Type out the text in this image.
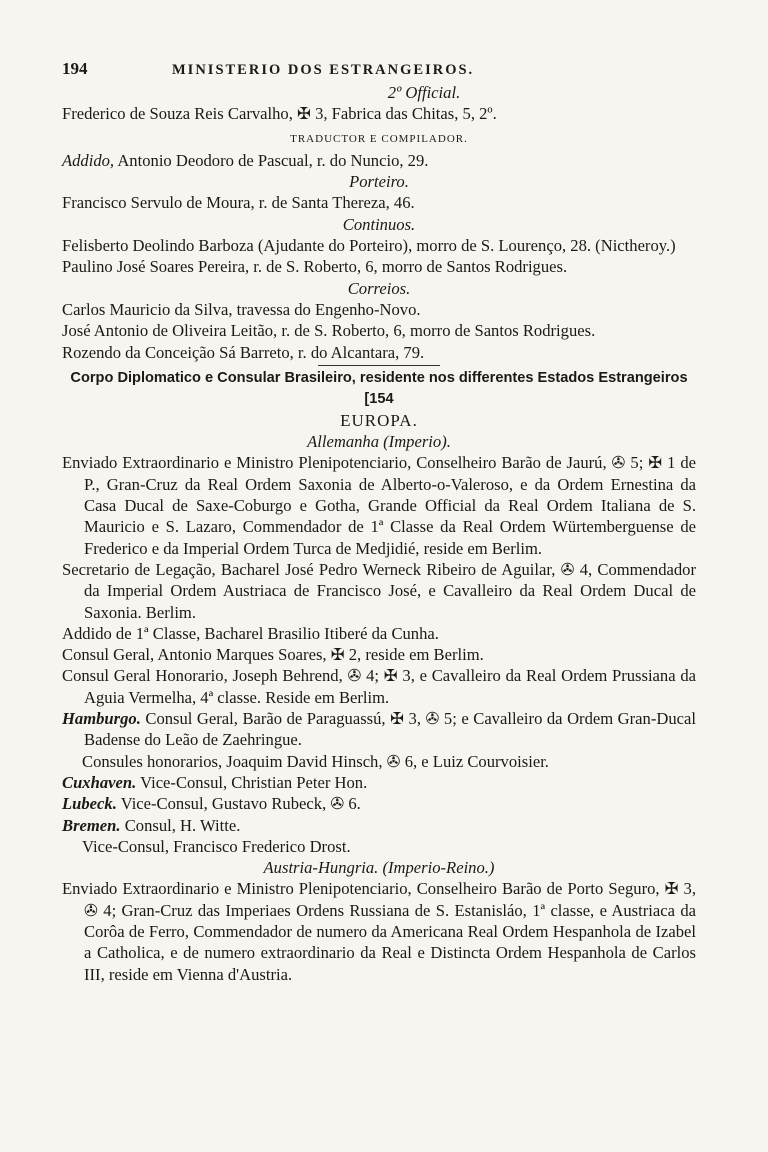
194	MINISTERIO DOS ESTRANGEIROS.
2º Official.
Frederico de Souza Reis Carvalho, ✠ 3, Fabrica das Chitas, 5, 2º.
TRADUCTOR E COMPILADOR.
Addido, Antonio Deodoro de Pascual, r. do Nuncio, 29.
Porteiro.
Francisco Servulo de Moura, r. de Santa Thereza, 46.
Continuos.
Felisberto Deolindo Barboza (Ajudante do Porteiro), morro de S. Lourenço, 28. (Nictheroy.)
Paulino José Soares Pereira, r. de S. Roberto, 6, morro de Santos Rodrigues.
Correios.
Carlos Mauricio da Silva, travessa do Engenho-Novo.
José Antonio de Oliveira Leitão, r. de S. Roberto, 6, morro de Santos Rodrigues.
Rozendo da Conceição Sá Barreto, r. do Alcantara, 79.
Corpo Diplomatico e Consular Brasileiro, residente nos differentes Estados Estrangeiros [154
EUROPA.
Allemanha (Imperio).
Enviado Extraordinario e Ministro Plenipotenciario, Conselheiro Barão de Jaurú, ✇ 5; ✠ 1 de P., Gran-Cruz da Real Ordem Saxonia de Alberto-o-Valeroso, e da Ordem Ernestina da Casa Ducal de Saxe-Coburgo e Gotha, Grande Official da Real Ordem Italiana de S. Mauricio e S. Lazaro, Commendador de 1ª Classe da Real Ordem Würtemberguense de Frederico e da Imperial Ordem Turca de Medjidié, reside em Berlim.
Secretario de Legação, Bacharel José Pedro Werneck Ribeiro de Aguilar, ✇ 4, Commendador da Imperial Ordem Austriaca de Francisco José, e Cavalleiro da Real Ordem Ducal de Saxonia. Berlim.
Addido de 1ª Classe, Bacharel Brasilio Itiberé da Cunha.
Consul Geral, Antonio Marques Soares, ✠ 2, reside em Berlim.
Consul Geral Honorario, Joseph Behrend, ✇ 4; ✠ 3, e Cavalleiro da Real Ordem Prussiana da Aguia Vermelha, 4ª classe. Reside em Berlim.
Hamburgo. Consul Geral, Barão de Paraguassú, ✠ 3, ✇ 5; e Cavalleiro da Ordem Gran-Ducal Badense do Leão de Zaehringue.
Consules honorarios, Joaquim David Hinsch, ✇ 6, e Luiz Courvoisier.
Cuxhaven. Vice-Consul, Christian Peter Hon.
Lubeck. Vice-Consul, Gustavo Rubeck, ✇ 6.
Bremen. Consul, H. Witte.
Vice-Consul, Francisco Frederico Drost.
Austria-Hungria. (Imperio-Reino.)
Enviado Extraordinario e Ministro Plenipotenciario, Conselheiro Barão de Porto Seguro, ✠ 3, ✇ 4; Gran-Cruz das Imperiaes Ordens Russiana de S. Estanisláo, 1ª classe, e Austriaca da Corôa de Ferro, Commendador de numero da Americana Real Ordem Hespanhola de Izabel a Catholica, e de numero extraordinario da Real e Distincta Ordem Hespanhola de Carlos III, reside em Vienna d'Austria.
